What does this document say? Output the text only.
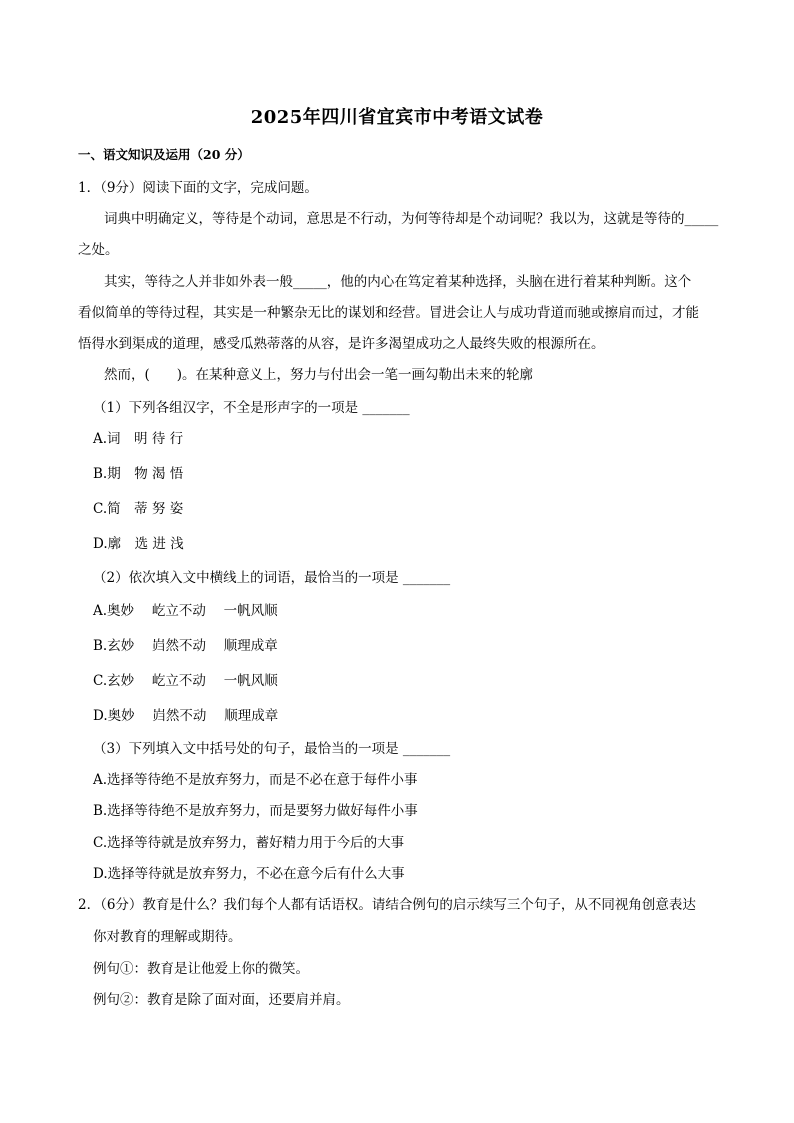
2025年四川省宜宾市中考语文试卷
一、语文知识及运用（20 分）
1．（9分）阅读下面的文字，完成问题。
词典中明确定义，等待是个动词，意思是不行动，为何等待却是个动词呢？我以为，这就是等待的_____
之处。
其实，等待之人并非如外表一般_____，他的内心在笃定着某种选择，头脑在进行着某种判断。这个
看似简单的等待过程，其实是一种繁杂无比的谋划和经营。冒进会让人与成功背道而驰或擦肩而过，才能
悟得水到渠成的道理，感受瓜熟蒂落的从容，是许多渴望成功之人最终失败的根源所在。
然而，(　　)。在某种意义上，努力与付出会一笔一画勾勒出未来的轮廓
（1）下列各组汉字，不全是形声字的一项是 _______
A.词　明 待 行
B.期　物 渴 悟
C.简　蒂 努 姿
D.廓　选 进 浅
（2）依次填入文中横线上的词语，最恰当的一项是 _______
A.奥妙　 屹立不动　 一帆风顺
B.玄妙　 岿然不动　 顺理成章
C.玄妙　 屹立不动　 一帆风顺
D.奥妙　 岿然不动　 顺理成章
（3）下列填入文中括号处的句子，最恰当的一项是 _______
A.选择等待绝不是放弃努力，而是不必在意于每件小事
B.选择等待绝不是放弃努力，而是要努力做好每件小事
C.选择等待就是放弃努力，蓄好精力用于今后的大事
D.选择等待就是放弃努力，不必在意今后有什么大事
2．（6分）教育是什么？我们每个人都有话语权。请结合例句的启示续写三个句子，从不同视角创意表达
你对教育的理解或期待。
例句①：教育是让他爱上你的微笑。
例句②：教育是除了面对面，还要肩并肩。
